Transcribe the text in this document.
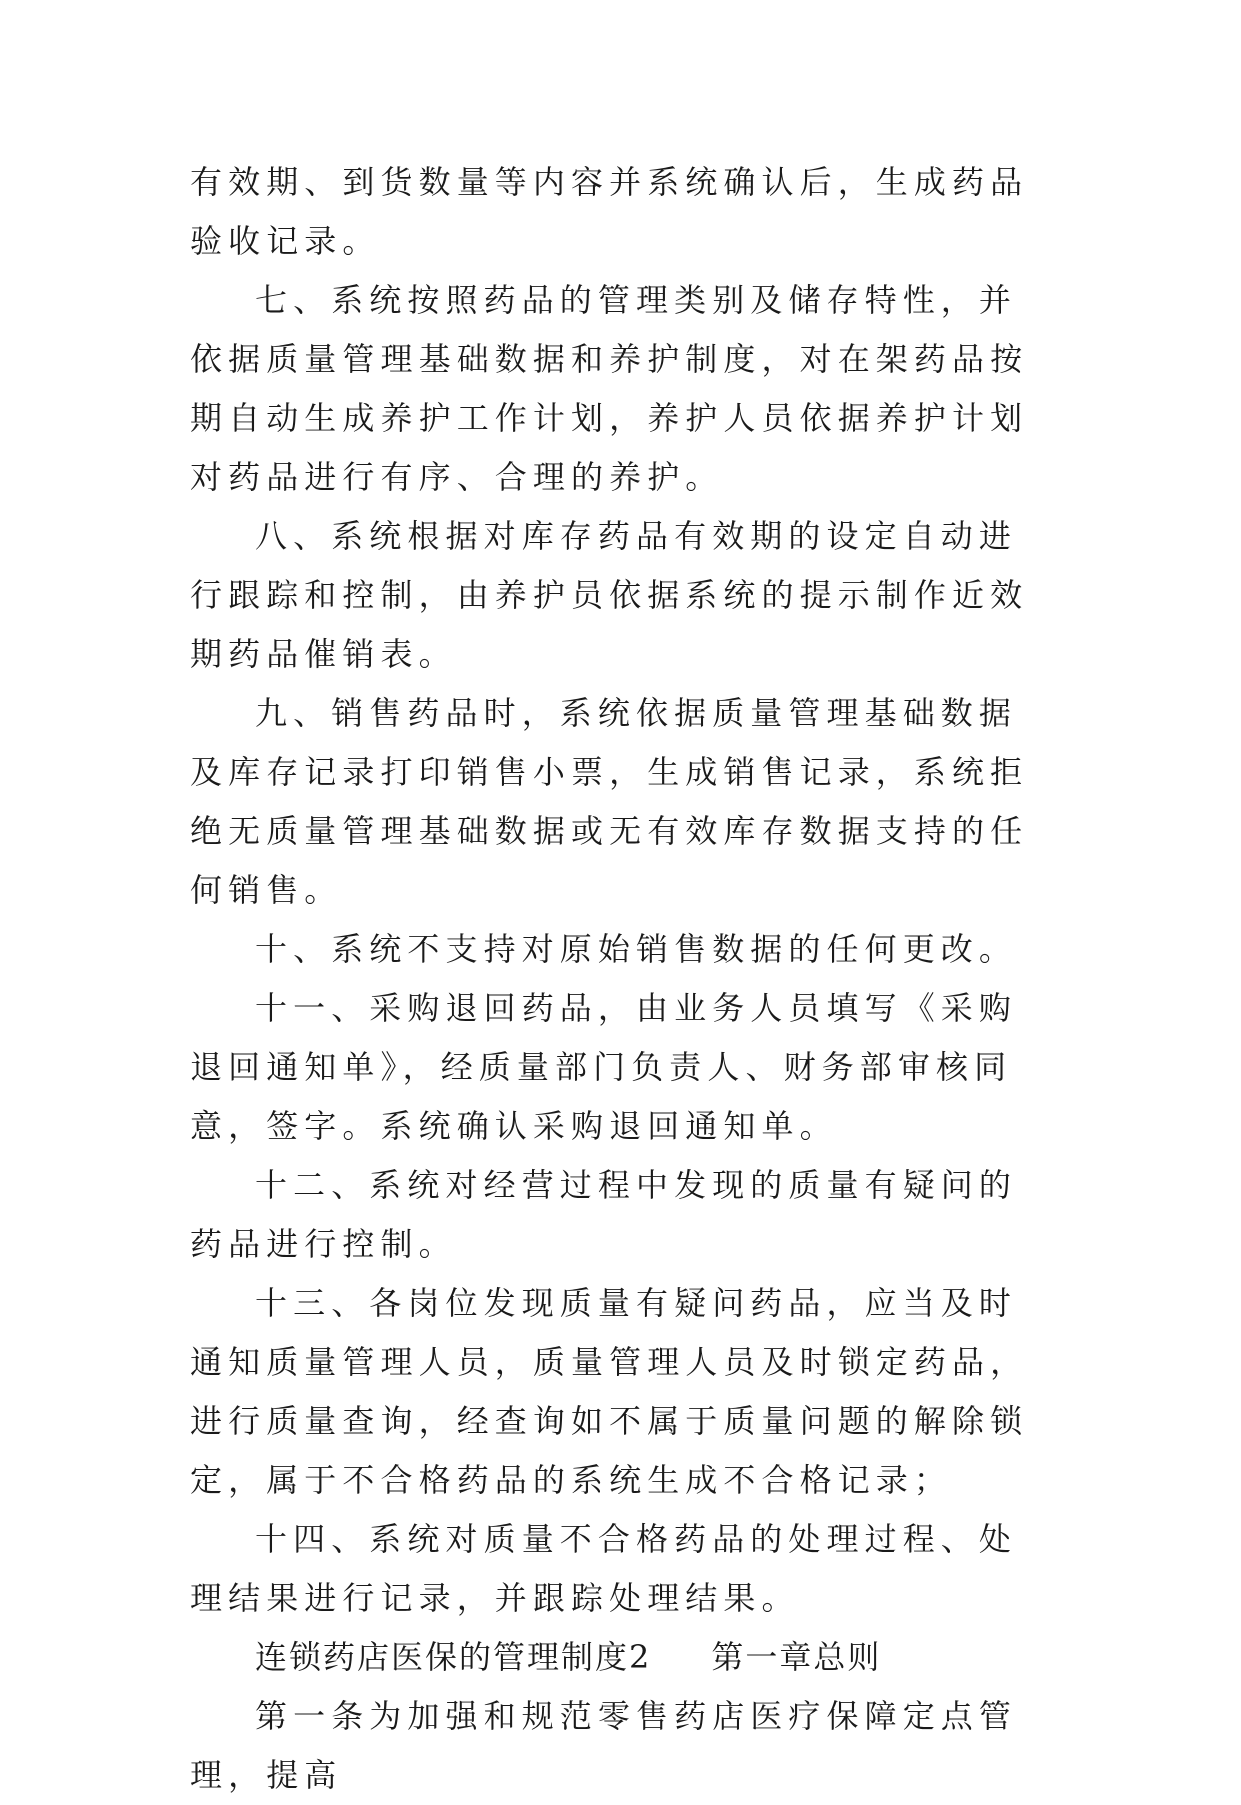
有效期、到货数量等内容并系统确认后，生成药品验收记录。

七、系统按照药品的管理类别及储存特性，并依据质量管理基础数据和养护制度，对在架药品按期自动生成养护工作计划，养护人员依据养护计划对药品进行有序、合理的养护。

八、系统根据对库存药品有效期的设定自动进行跟踪和控制，由养护员依据系统的提示制作近效期药品催销表。

九、销售药品时，系统依据质量管理基础数据及库存记录打印销售小票，生成销售记录，系统拒绝无质量管理基础数据或无有效库存数据支持的任何销售。

十、系统不支持对原始销售数据的任何更改。

十一、采购退回药品，由业务人员填写《采购退回通知单》，经质量部门负责人、财务部审核同意，签字。系统确认采购退回通知单。

十二、系统对经营过程中发现的质量有疑问的药品进行控制。

十三、各岗位发现质量有疑问药品，应当及时通知质量管理人员，质量管理人员及时锁定药品，进行质量查询，经查询如不属于质量问题的解除锁定，属于不合格药品的系统生成不合格记录；

十四、系统对质量不合格药品的处理过程、处理结果进行记录，并跟踪处理结果。

连锁药店医保的管理制度2 第一章总则

第一条为加强和规范零售药店医疗保障定点管理，提高
